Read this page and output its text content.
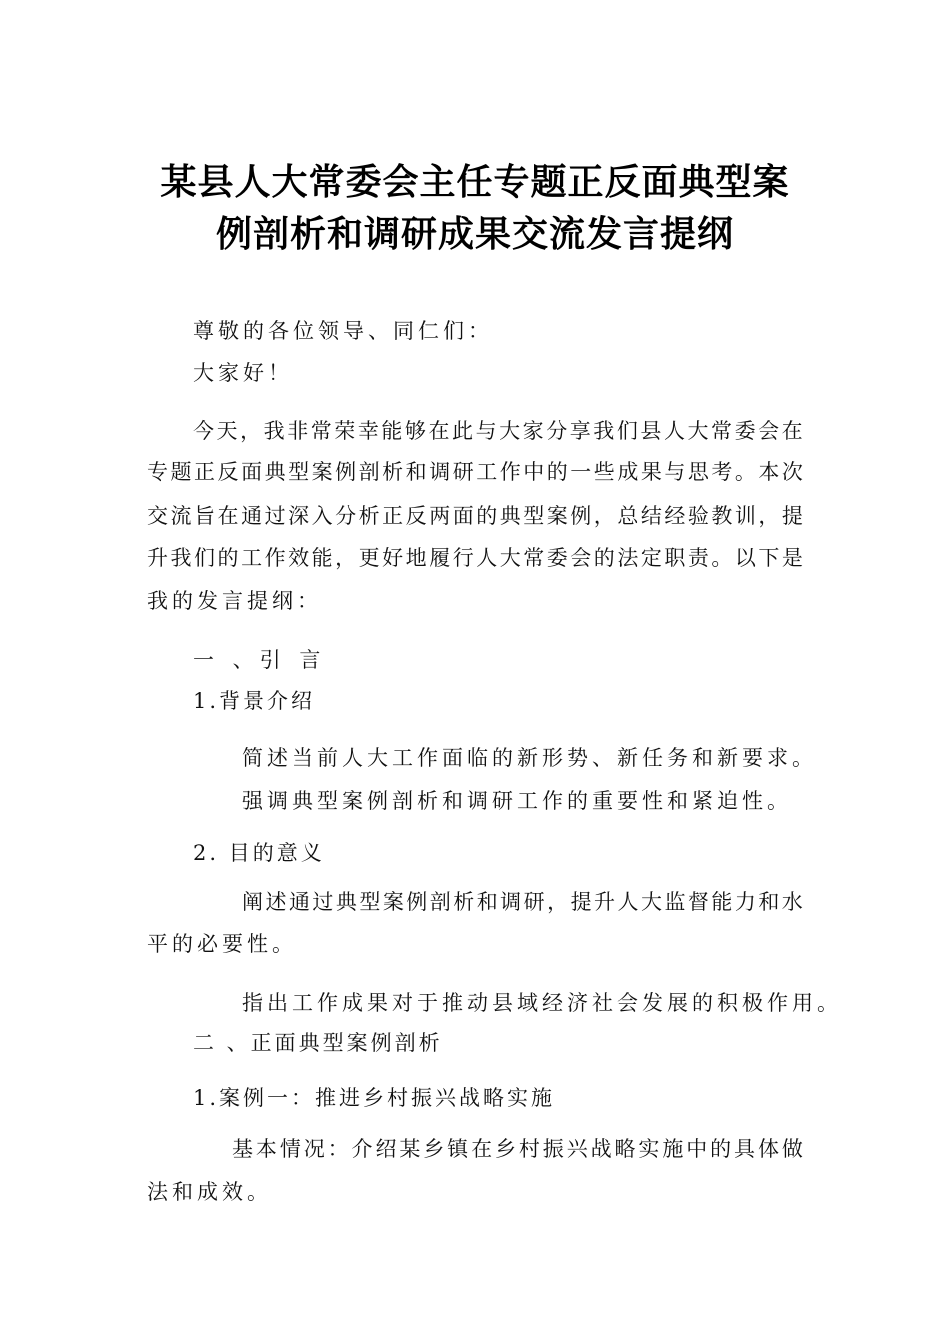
某县人大常委会主任专题正反面典型案
例剖析和调研成果交流发言提纲
尊敬的各位领导、同仁们：
大家好！
今 天 ， 我 非 常 荣 幸 能 够 在 此 与 大 家 分 享 我 们 县 人 大 常 委 会 在
专 题 正 反 面 典 型 案 例 剖 析 和 调 研 工 作 中 的 一 些 成 果 与 思 考 。 本 次
交 流 旨 在 通 过 深 入 分 析 正 反 两 面 的 典 型 案 例 ， 总 结 经 验 教 训 ， 提
升 我 们 的 工 作 效 能 ， 更 好 地 履 行 人 大 常 委 会 的 法 定 职 责 。 以 下 是
我的发言提纲：
一 、引 言
1.背景介绍
简述当前人大工作面临的新形势、新任务和新要求。
强调典型案例剖析和调研工作的重要性和紧迫性。
2. 目的意义
阐 述 通 过 典 型 案 例 剖 析 和 调 研 ， 提 升 人 大 监 督 能 力 和 水
平的必要性。
指出工作成果对于推动县域经济社会发展的积极作用。
二 、正面典型案例剖析
1.案例一：推进乡村振兴战略实施
基 本 情 况 ： 介 绍 某 乡 镇 在 乡 村 振 兴 战 略 实 施 中 的 具 体 做
法和成效。
